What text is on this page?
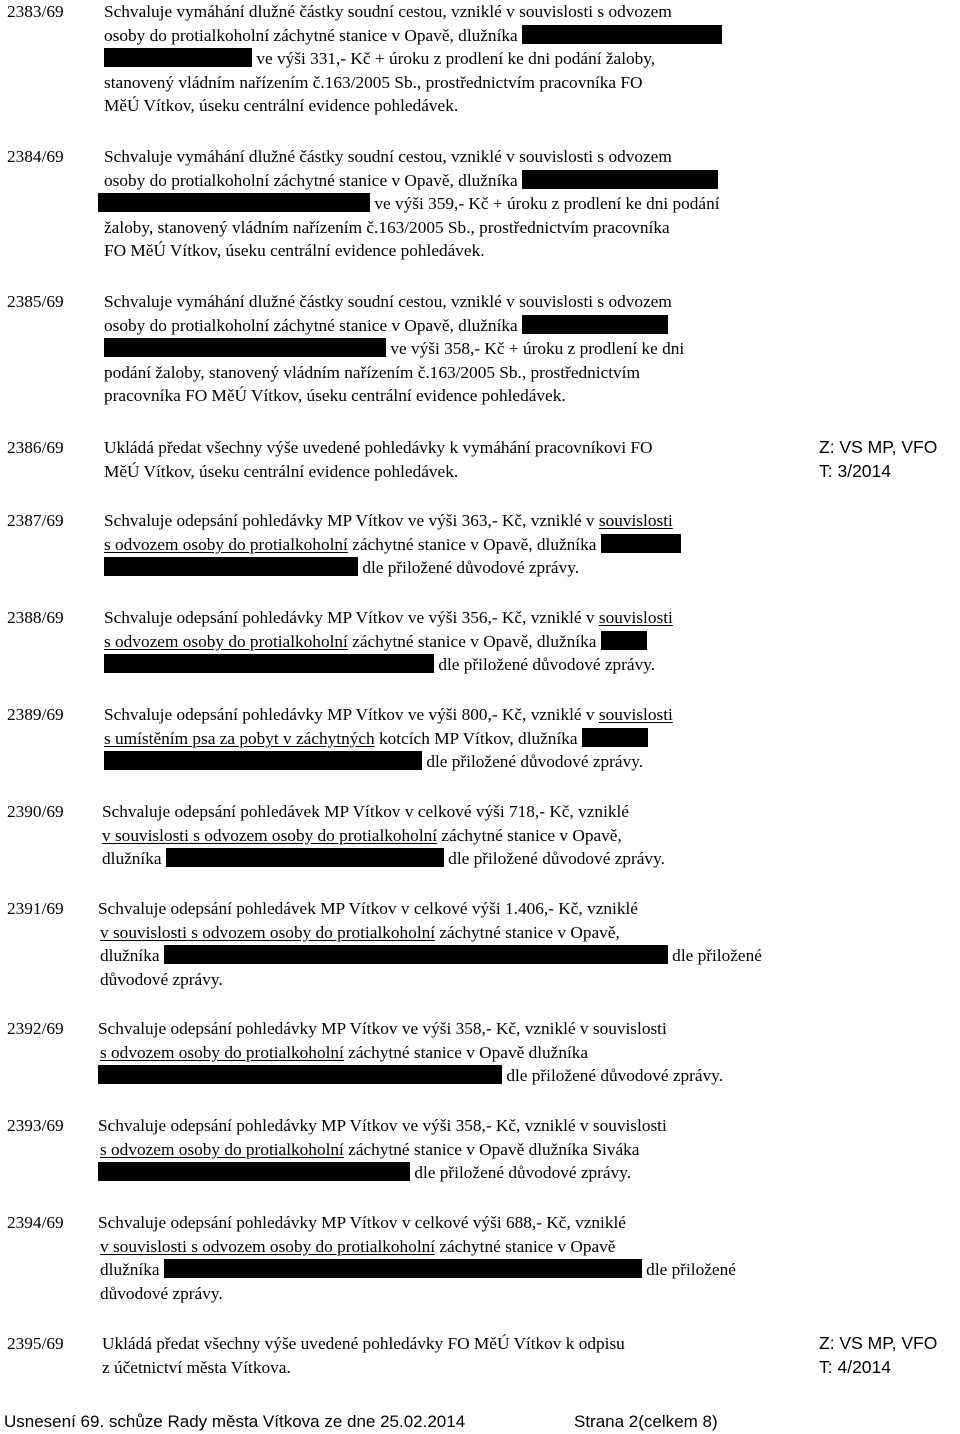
2383/69 Schvaluje vymáhání dlužné částky soudní cestou, vzniklé v souvislosti s odvozem
osoby do protialkoholní záchytné stanice v Opavě, dlužníka
ve výši 331,- Kč + úroku z prodlení ke dni podání žaloby,
stanovený vládním nařízením č.163/2005 Sb., prostřednictvím pracovníka FO
MěÚ Vítkov, úseku centrální evidence pohledávek.
2384/69 Schvaluje vymáhání dlužné částky soudní cestou, vzniklé v souvislosti s odvozem
osoby do protialkoholní záchytné stanice v Opavě, dlužníka
ve výši 359,- Kč + úroku z prodlení ke dni podání
žaloby, stanovený vládním nařízením č.163/2005 Sb., prostřednictvím pracovníka
FO MěÚ Vítkov, úseku centrální evidence pohledávek.
2385/69 Schvaluje vymáhání dlužné částky soudní cestou, vzniklé v souvislosti s odvozem
osoby do protialkoholní záchytné stanice v Opavě, dlužníka
ve výši 358,- Kč + úroku z prodlení ke dni
podání žaloby, stanovený vládním nařízením č.163/2005 Sb., prostřednictvím
pracovníka FO MěÚ Vítkov, úseku centrální evidence pohledávek.
2386/69 Ukládá předat všechny výše uvedené pohledávky k vymáhání pracovníkovi FO
MěÚ Vítkov, úseku centrální evidence pohledávek.
Z: VS MP, VFO
T: 3/2014
2387/69 Schvaluje odepsání pohledávky MP Vítkov ve výši 363,- Kč, vzniklé v souvislosti
s odvozem osoby do protialkoholní záchytné stanice v Opavě, dlužníka
dle přiložené důvodové zprávy.
2388/69 Schvaluje odepsání pohledávky MP Vítkov ve výši 356,- Kč, vzniklé v souvislosti
s odvozem osoby do protialkoholní záchytné stanice v Opavě, dlužníka
dle přiložené důvodové zprávy.
2389/69 Schvaluje odepsání pohledávky MP Vítkov ve výši 800,- Kč, vzniklé v souvislosti
s umístěním psa za pobyt v záchytných kotcích MP Vítkov, dlužníka
dle přiložené důvodové zprávy.
2390/69 Schvaluje odepsání pohledávek MP Vítkov v celkové výši 718,- Kč, vzniklé
v souvislosti s odvozem osoby do protialkoholní záchytné stanice v Opavě,
dlužníka	dle přiložené důvodové zprávy.
2391/69 Schvaluje odepsání pohledávek MP Vítkov v celkové výši 1.406,- Kč, vzniklé
v souvislosti s odvozem osoby do protialkoholní záchytné stanice v Opavě,
dlužníka	dle přiložené
důvodové zprávy.
2392/69 Schvaluje odepsání pohledávky MP Vítkov ve výši 358,- Kč, vzniklé v souvislosti
s odvozem osoby do protialkoholní záchytné stanice v Opavě dlužníka
dle přiložené důvodové zprávy.
2393/69 Schvaluje odepsání pohledávky MP Vítkov ve výši 358,- Kč, vzniklé v souvislosti
s odvozem osoby do protialkoholní záchytné stanice v Opavě dlužníka Siváka
dle přiložené důvodové zprávy.
2394/69 Schvaluje odepsání pohledávky MP Vítkov v celkové výši 688,- Kč, vzniklé
v souvislosti s odvozem osoby do protialkoholní záchytné stanice v Opavě
dlužníka	dle přiložené
důvodové zprávy.
2395/69 Ukládá předat všechny výše uvedené pohledávky FO MěÚ Vítkov k odpisu
z účetnictví města Vítkova.
Z: VS MP, VFO
T: 4/2014
Usnesení 69. schůze Rady města Vítkova ze dne 25.02.2014	Strana 2(celkem 8)
